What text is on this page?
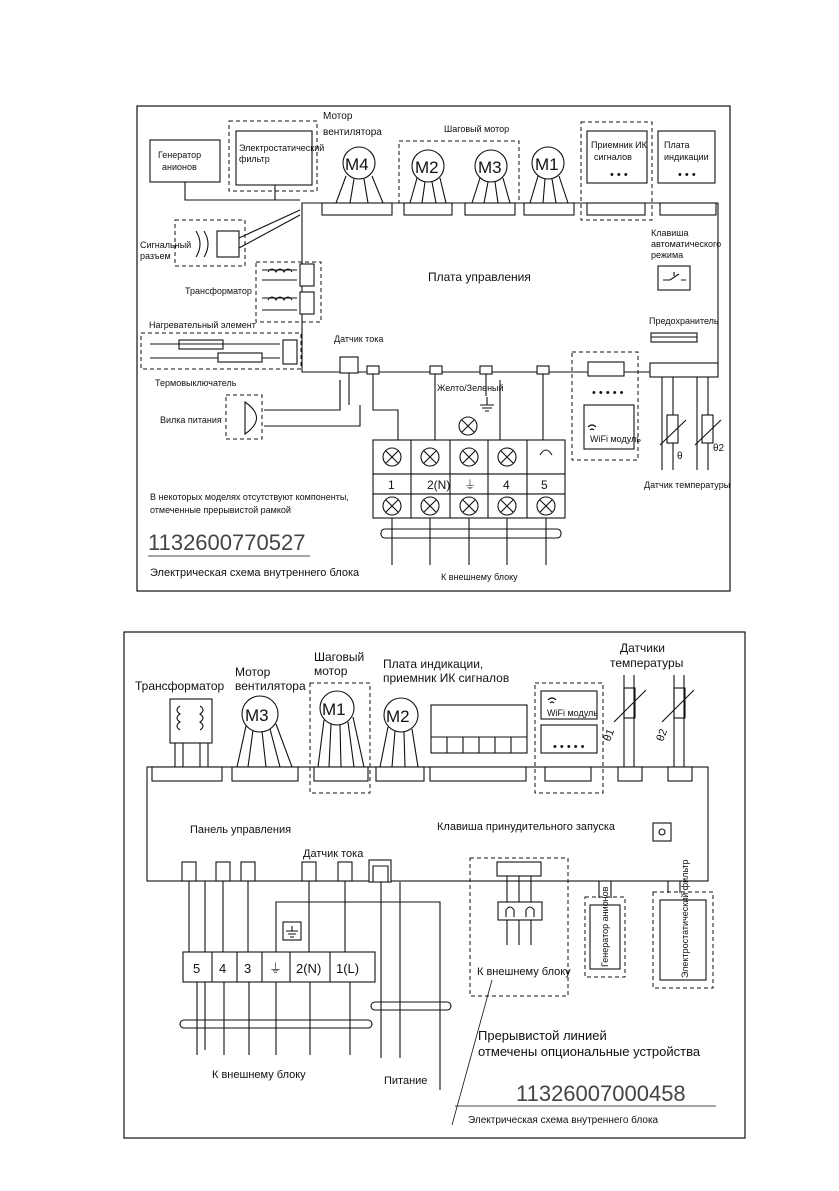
Плата управления
Генератор
анионов
Электростатический
фильтр
Мотор
вентилятора
M4
Шаговый мотор
M2 M3 M1
Приемник ИК
сигналов
• • •
Плата
индикации
• • •
Сигнальный
разъем
Клавиша
автоматического
режима
Трансформатор
Предохранитель
Нагревательный элемент
Термовыключатель
Датчик тока
Желто/Зеленый
Вилка питания
1	2(N) ⏚ 4	5
К внешнему блоку
• • • • •
WiFi модуль
θ
θ2
Датчик температуры
В некоторых моделях отсутствуют компоненты,
отмеченные прерывистой рамкой
1132600770527
Электрическая схема внутреннего блока
Панель управления	Клавиша принудительного запуска
Трансформатор
Мотор
вентилятора
M3
Шаговый
мотор
M1
Плата индикации,
приемник ИК сигналов
M2	WiFi модуль
• • • • •
Датчики
температуры
θ1	θ2
Датчик тока
5 4 3 ⏚ 2(N) 1(L)
К внешнему блоку	Питание
К внешнему блоку
Генератор анионов	Электростатический фильтр
Прерывистой линией
отмечены опциональные устройства
11326007000458
Электрическая схема внутреннего блока
